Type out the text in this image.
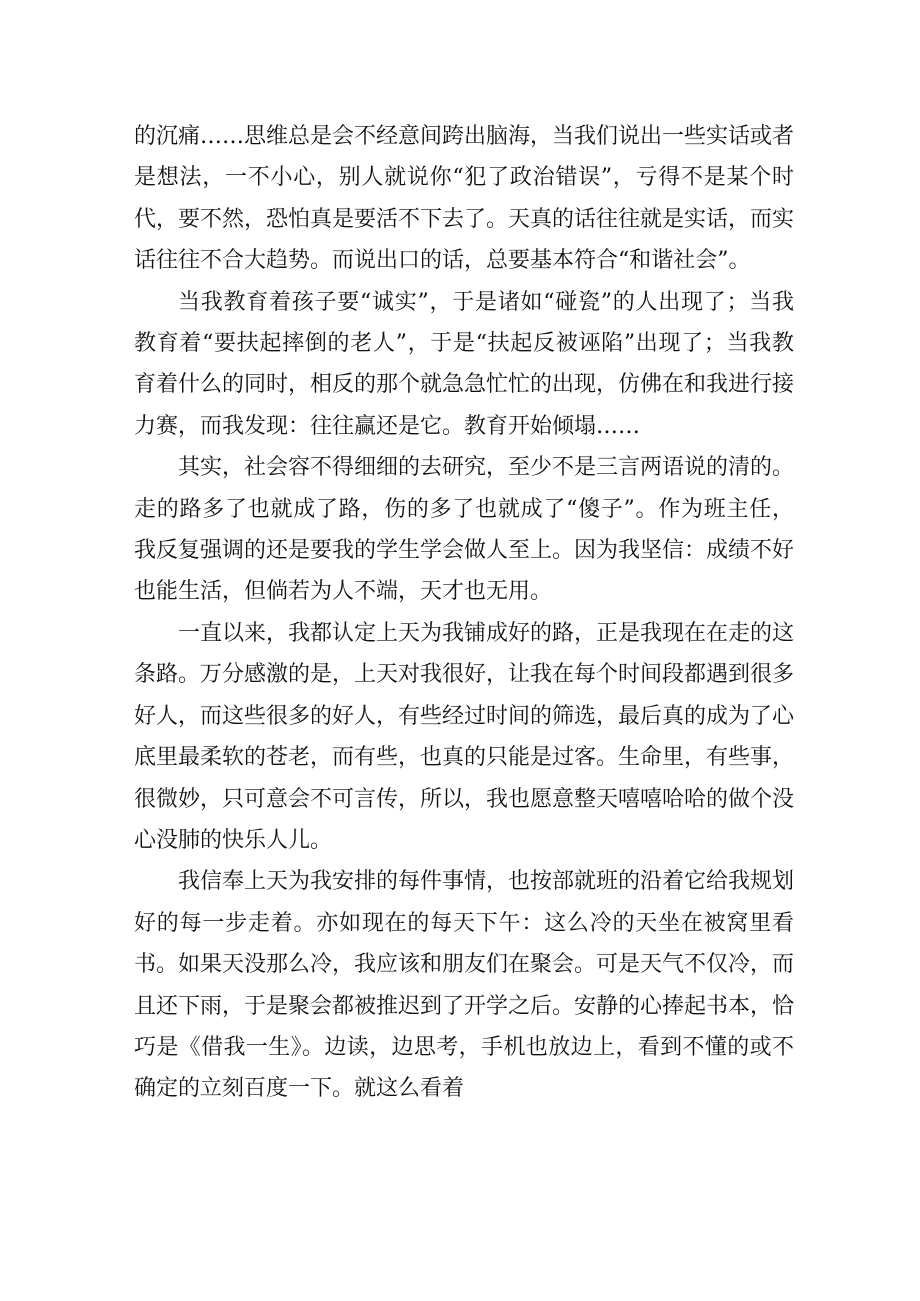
的沉痛……思维总是会不经意间跨出脑海，当我们说出一些实话或者是想法，一不小心，别人就说你“犯了政治错误”，亏得不是某个时代，要不然，恐怕真是要活不下去了。天真的话往往就是实话，而实话往往不合大趋势。而说出口的话，总要基本符合“和谐社会”。

当我教育着孩子要“诚实”，于是诸如“碰瓷”的人出现了；当我教育着“要扶起摔倒的老人”，于是“扶起反被诬陷”出现了；当我教育着什么的同时，相反的那个就急急忙忙的出现，仿佛在和我进行接力赛，而我发现：往往赢还是它。教育开始倾塌……

其实，社会容不得细细的去研究，至少不是三言两语说的清的。走的路多了也就成了路，伤的多了也就成了“傻子”。作为班主任，我反复强调的还是要我的学生学会做人至上。因为我坚信：成绩不好也能生活，但倘若为人不端，天才也无用。

一直以来，我都认定上天为我铺成好的路，正是我现在在走的这条路。万分感激的是，上天对我很好，让我在每个时间段都遇到很多好人，而这些很多的好人，有些经过时间的筛选，最后真的成为了心底里最柔软的苍老，而有些，也真的只能是过客。生命里，有些事，很微妙，只可意会不可言传，所以，我也愿意整天嘻嘻哈哈的做个没心没肺的快乐人儿。

我信奉上天为我安排的每件事情，也按部就班的沿着它给我规划好的每一步走着。亦如现在的每天下午：这么冷的天坐在被窝里看书。如果天没那么冷，我应该和朋友们在聚会。可是天气不仅冷，而且还下雨，于是聚会都被推迟到了开学之后。安静的心捧起书本，恰巧是《借我一生》。边读，边思考，手机也放边上，看到不懂的或不确定的立刻百度一下。就这么看着
